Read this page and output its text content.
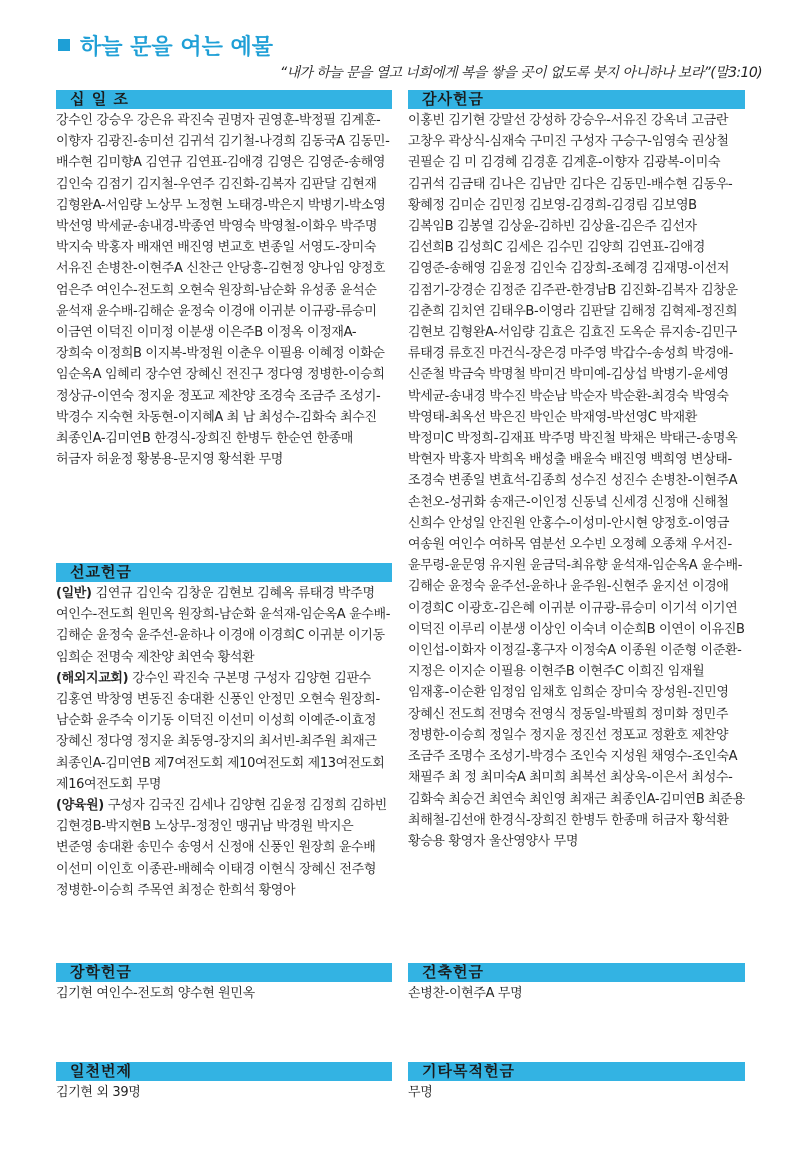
하늘 문을 여는 예물
“내가 하늘 문을 열고 너희에게 복을 쌓을 곳이 없도록 붓지 아니하나 보라”(말3:10)
십 일 조
강수인 강승우 강은유 곽진숙 권명자 권영훈-박정필 김계훈-이향자 김광진-송미선 김귀석 김기철-나경희 김동국A 김동민-배수현 김미향A 김연규 김연표-김애경 김영은 김영준-송해영 김인숙 김점기 김지철-우연주 김진화-김복자 김판달 김현재 김형완A-서임량 노상무 노정현 노태경-박은지 박병기-박소영 박선영 박세균-송내경-박종연 박영숙 박영철-이화우 박주명 박지숙 박홍자 배재연 배진영 변교호 변종일 서영도-장미숙 서유진 손병찬-이현주A 신찬근 안당흥-김현정 양나임 양정호 엄은주 여인수-전도희 오현숙 원장희-남순화 유성종 윤석순 윤석재 윤수배-김해순 윤정숙 이경애 이귀분 이규광-류승미 이금연 이덕진 이미정 이분생 이은주B 이정옥 이정재A-장희숙 이정희B 이지복-박정원 이춘우 이필용 이혜정 이화순 임순옥A 임혜리 장수연 장혜신 전진구 정다영 정병한-이승희 정상규-이연숙 정지윤 정포교 제찬양 조경숙 조금주 조성기-박경수 지숙현 차동현-이지혜A 최 남 최성수-김화숙 최수진 최종인A-김미연B 한경식-장희진 한병두 한순연 한종매 허금자 허윤정 황봉용-문지영 황석환 무명
감사헌금
이홍빈 김기현 강말선 강성하 강승우-서유진 강옥녀 고금란 고창우 곽상식-심재숙 구미진 구성자 구승구-임영숙 권상철 권필순 김 미 김경혜 김경훈 김계훈-이향자 김광복-이미숙 김귀석 김금태 김나은 김남만 김다은 김동민-배수현 김동우-황혜정 김미순 김민정 김보영-김경희-김경림 김보영B 김복임B 김봉열 김상윤-김하빈 김상율-김은주 김선자 김선희B 김성희C 김세은 김수민 김양희 김연표-김애경 김영준-송해영 김윤정 김인숙 김장희-조혜경 김재명-이선저 김점기-강경순 김정준 김주관-한경남B 김진화-김복자 김창운 김춘희 김치연 김태우B-이영라 김판달 김해정 김혁제-정진희 김현보 김형완A-서임량 김효은 김효진 도옥순 류지송-김민구 류태경 류호진 마건식-장은경 마주영 박갑수-송성희 박경애-신준철 박금숙 박명철 박미건 박미예-김상섭 박병기-윤세영 박세균-송내경 박수진 박순남 박순자 박순환-최경숙 박영숙 박영태-최옥선 박은진 박인순 박재영-박선영C 박재환 박정미C 박정희-김재표 박주명 박진철 박채은 박태근-송명옥 박현자 박홍자 박희옥 배성출 배윤숙 배진영 백희영 변상태-조경숙 변종일 변효석-김종희 성수진 성진수 손병찬-이현주A 손천오-성귀화 송재근-이인정 신동녘 신세경 신정애 신해철 신희수 안성일 안진원 안홍수-이성미-안시현 양정호-이영금 여송원 여인수 여하목 염분선 오수빈 오정혜 오종채 우서진-윤무령-윤문영 유지원 윤금덕-최유향 윤석재-임순옥A 윤수배-김해순 윤정숙 윤주선-윤하나 윤주원-신현주 윤지선 이경애 이경희C 이광호-김은혜 이귀분 이규광-류승미 이기석 이기연 이덕진 이루리 이분생 이상인 이숙녀 이순희B 이연이 이유진B 이인섭-이화자 이정길-홍구자 이정숙A 이종원 이준형 이준환-지정은 이지순 이필용 이현주B 이현주C 이희진 임재월 임재홍-이순환 임정임 임채호 임희순 장미숙 장성원-진민영 장혜신 전도희 전명숙 전영식 정동일-박필희 정미화 정민주 정병한-이승희 정일수 정지윤 정진선 정포교 정환호 제찬양 조금주 조명수 조성기-박경수 조인숙 지성원 채영수-조인숙A 채필주 최 정 최미숙A 최미희 최복선 최상욱-이은서 최성수-김화숙 최승건 최연숙 최인영 최재근 최종인A-김미연B 최준용 최해철-김선애 한경식-장희진 한병두 한종매 허금자 황석환 황승용 황영자 울산영양사 무명
선교헌금

(일반) 김연규 김인숙 김창운 김현보 김혜옥 류태경 박주명 여인수-전도희 원민옥 원장희-남순화 윤석재-임순옥A 윤수배-김해순 윤정숙 윤주선-윤하나 이경애 이경희C 이귀분 이기동 임희순 전명숙 제찬양 최연숙 황석환

(해외지교회) 강수인 곽진숙 구본명 구성자 김양현 김판수 김홍연 박창영 변동진 송대환 신풍인 안정민 오현숙 원장희-남순화 윤주숙 이기동 이덕진 이선미 이성희 이예준-이효정 장혜신 정다영 정지윤 최동영-장지의 최서빈-최주원 최재근 최종인A-김미연B 제7여전도회 제10여전도회 제13여전도회 제16여전도회 무명

(양육원) 구성자 김국진 김세나 김양현 김윤정 김정희 김하빈 김현경B-박지현B 노상무-정정인 맹귀남 박경원 박지은 변준영 송대환 송민수 송영서 신정애 신풍인 원장희 윤수배 이선미 이인호 이종관-배혜숙 이태경 이현식 장혜신 전주형 정병한-이승희 주목연 최정순 한희석 황영아

장학헌금
김기현 여인수-전도희 양수현 원민옥
건축헌금
손병찬-이현주A 무명
일천번제
김기현 외 39명
기타목적헌금
무명
